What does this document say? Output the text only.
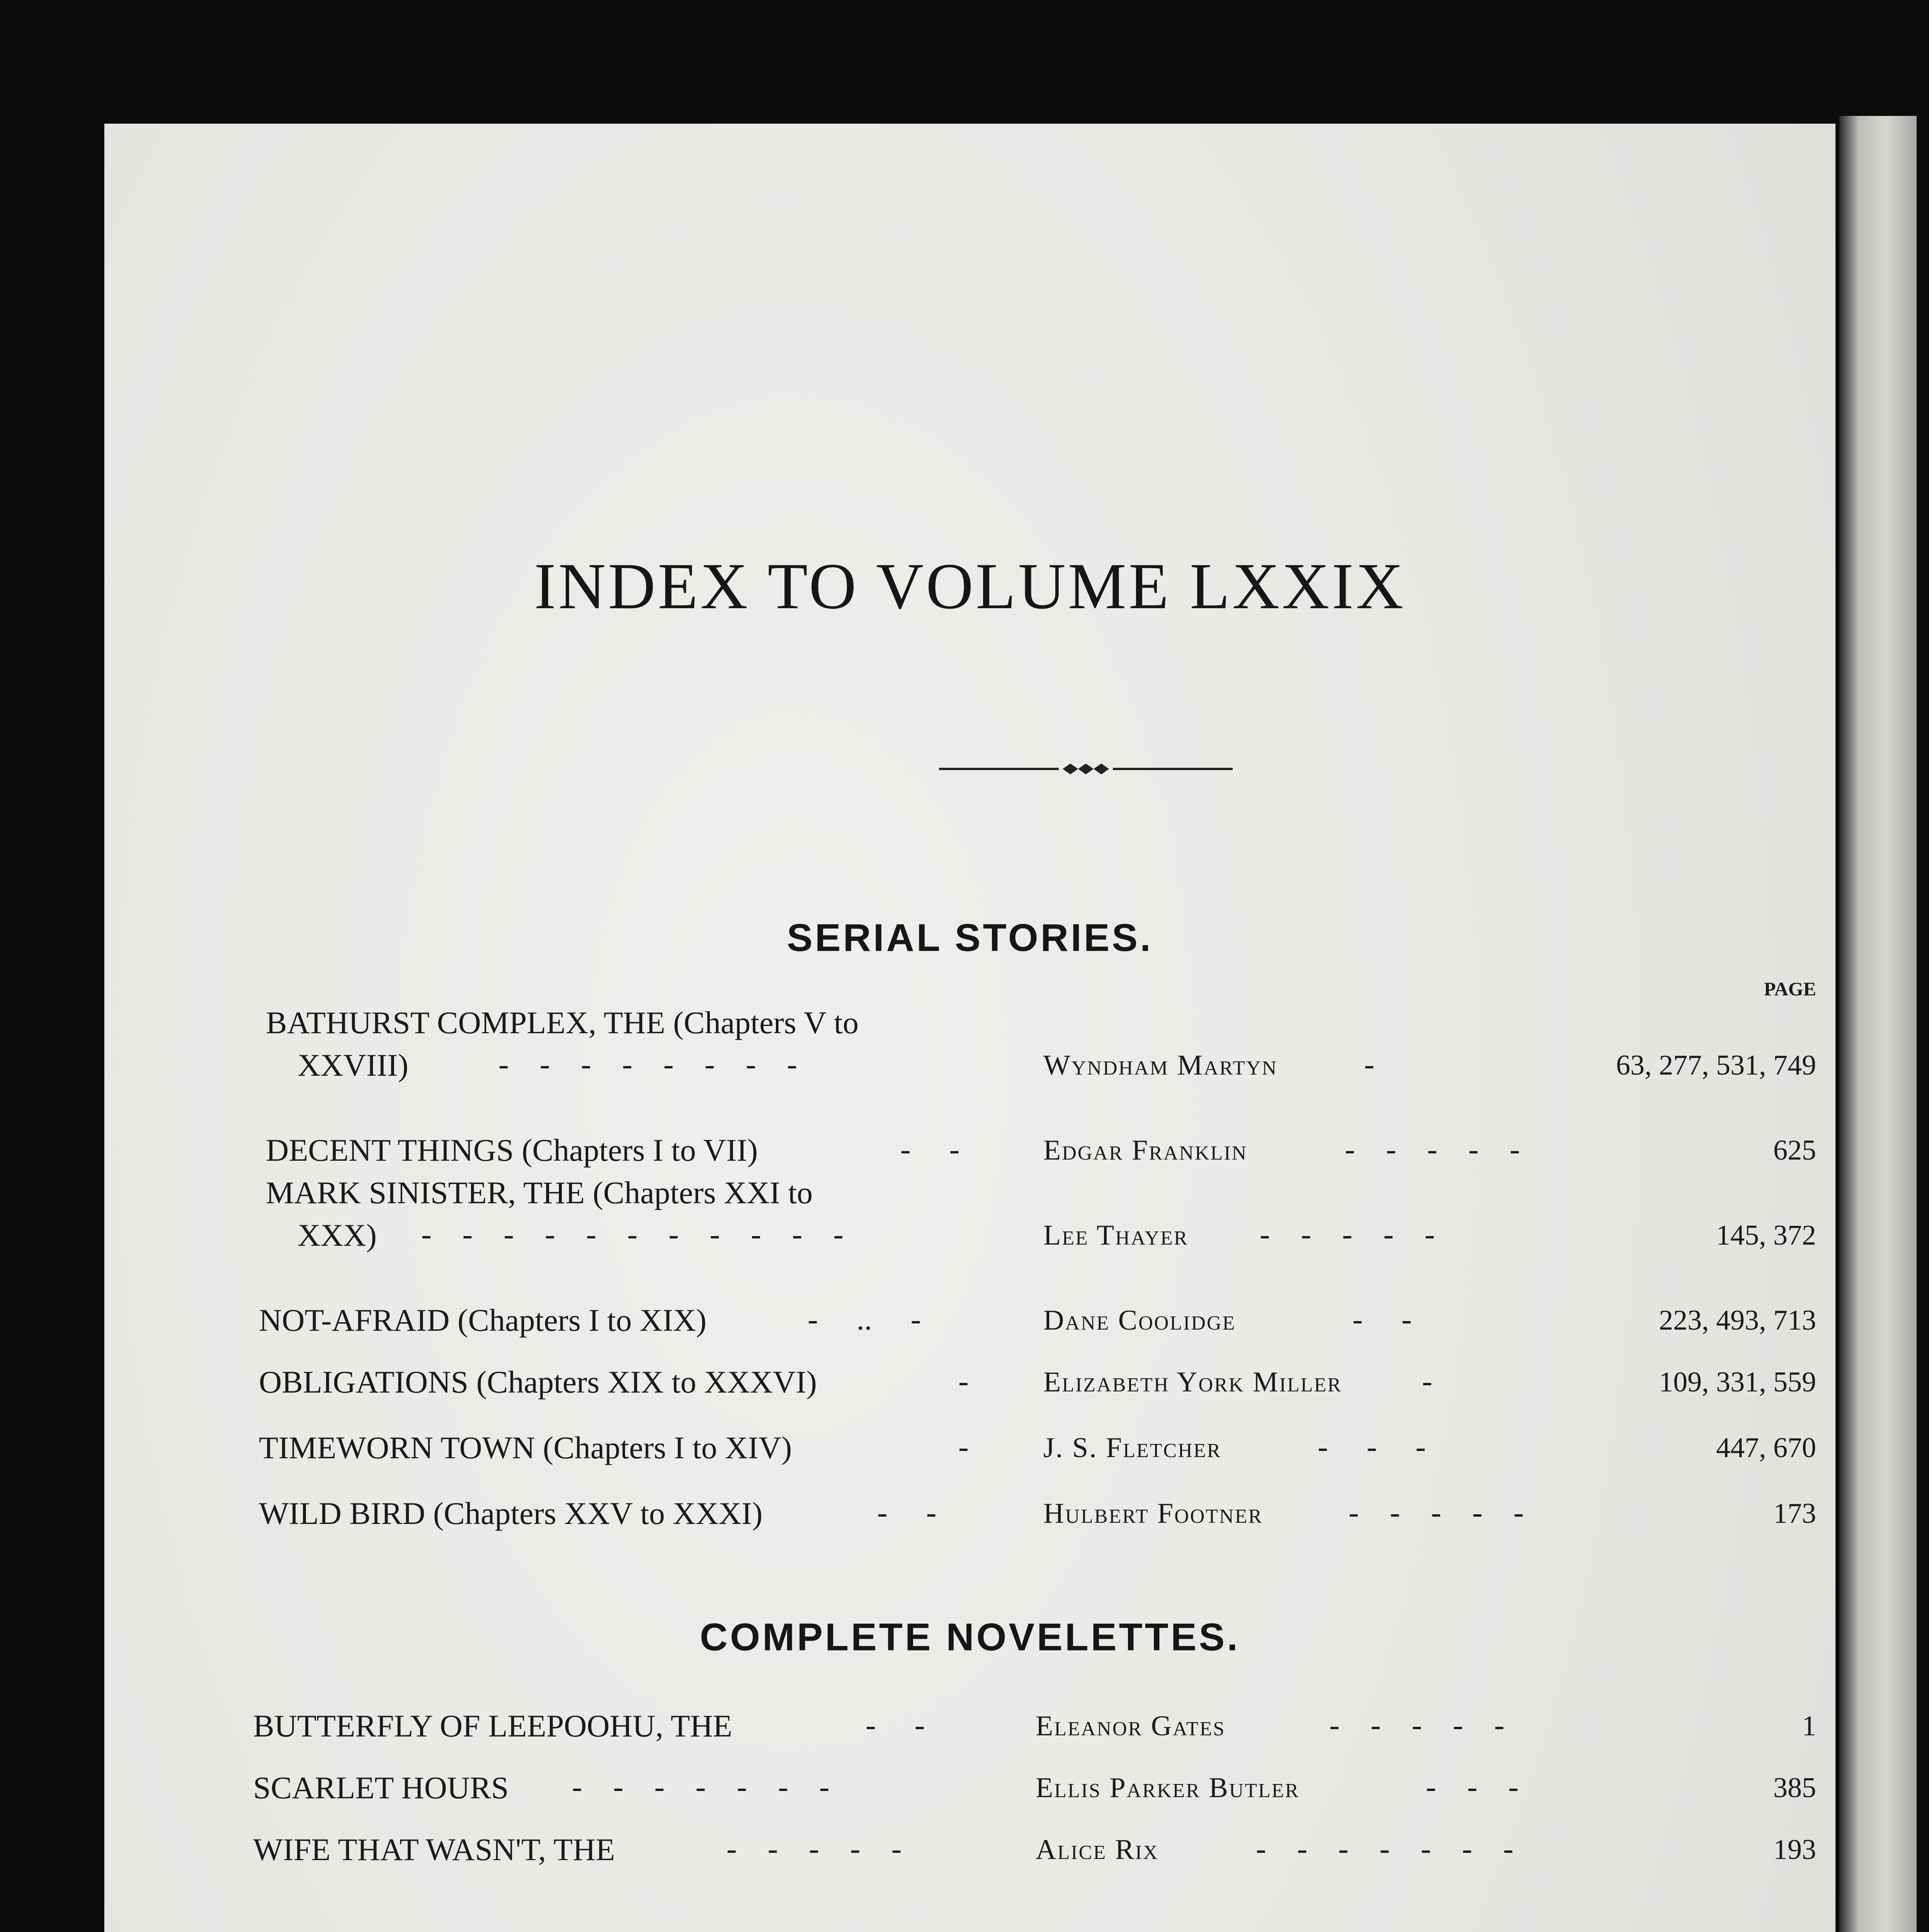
INDEX TO VOLUME LXXIX
SERIAL STORIES.
PAGE
BATHURST COMPLEX, THE (Chapters V to
XXVIII)	-    -    -    -    -    -    -    -	Wyndham Martyn	-	63, 277, 531, 749
DECENT THINGS (Chapters I to VII)	-     -	Edgar Franklin	-    -    -    -    -	625
MARK SINISTER, THE (Chapters XXI to
XXX) -    -    -    -    -    -    -    -    -    -    -	Lee Thayer -    -    -    -    -	145, 372
NOT-AFRAID (Chapters I to XIX)	-     ..     -	Dane Coolidge	-     -	223, 493, 713
OBLIGATIONS (Chapters XIX to XXXVI)	-	Elizabeth York Miller	-	109, 331, 559
TIMEWORN TOWN (Chapters I to XIV)	-	J. S. Fletcher	-     -     -	447, 670
WILD BIRD (Chapters XXV to XXXI)	-     -	Hulbert Footner	-    -    -    -    -	173
COMPLETE NOVELETTES.
BUTTERFLY OF LEEPOOHU, THE	-     -	Eleanor Gates	-    -    -    -    -	1
SCARLET HOURS -    -    -    -    -    -    -	Ellis Parker Butler	-    -    -	385
WIFE THAT WASN'T, THE	-    -    -    -    -	Alice Rix	-    -    -    -    -    -    -	193
